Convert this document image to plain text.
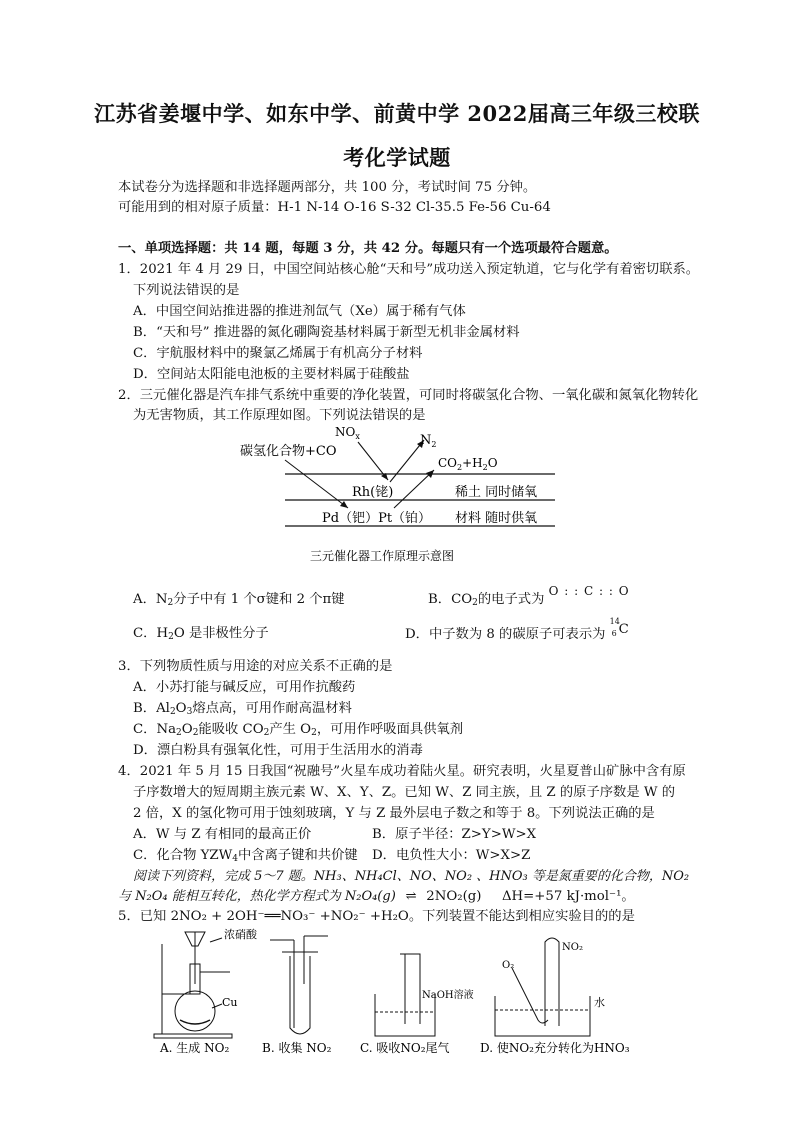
江苏省姜堰中学、如东中学、前黄中学 2022届高三年级三校联
考化学试题
本试卷分为选择题和非选择题两部分，共 100 分，考试时间 75 分钟。
可能用到的相对原子质量：H-1 N-14 O-16 S-32 Cl-35.5 Fe-56 Cu-64
一、单项选择题：共 14 题，每题 3 分，共 42 分。每题只有一个选项最符合题意。
1．2021 年 4 月 29 日，中国空间站核心舱“天和号”成功送入预定轨道，它与化学有着密切联系。
下列说法错误的是
A．中国空间站推进器的推进剂氙气（Xe）属于稀有气体
B．“天和号” 推进器的氮化硼陶瓷基材料属于新型无机非金属材料
C．宇航服材料中的聚氯乙烯属于有机高分子材料
D．空间站太阳能电池板的主要材料属于硅酸盐
2．三元催化器是汽车排气系统中重要的净化装置，可同时将碳氢化合物、一氧化碳和氮氧化物转化
为无害物质，其工作原理如图。下列说法错误的是
碳氢化合物+CO
$NO_x$	$N_2$
$CO_2+H_2O$
Rh(铑)
Pd（钯）Pt（铂）
稀土 同时储氧
材料 随时供氧
三元催化器工作原理示意图
A．$N_2$分子中有 1 个σ键和 2 个π键	B．$CO_2$的电子式为 O : : C : : O
C．$H_2O$ 是非极性分子	D．中子数为 8 的碳原子可表示为
14
6 C
3．下列物质性质与用途的对应关系不正确的是
A．小苏打能与碱反应，可用作抗酸药
B．$Al_2O_3$熔点高，可用作耐高温材料
C．$Na_2O_2$能吸收 $CO_2$产生 $O_2$，可用作呼吸面具供氧剂
D．漂白粉具有强氧化性，可用于生活用水的消毒
4．2021 年 5 月 15 日我国“祝融号”火星车成功着陆火星。研究表明，火星夏普山矿脉中含有原
子序数增大的短周期主族元素 W、X、Y、Z。已知 W、Z 同主族，且 Z 的原子序数是 W 的
2 倍，X 的氢化物可用于蚀刻玻璃，Y 与 Z 最外层电子数之和等于 8。下列说法正确的是
A．W 与 Z 有相同的最高正价	B．原子半径：Z>Y>W>X
C．化合物 $YZW_4$中含离子键和共价键 D．电负性大小：W>X>Z
阅读下列资料，完成 5～7 题。NH₃、NH₄Cl、NO、NO₂ 、HNO₃ 等是氮重要的化合物，NO₂
与 N₂O₄ 能相互转化，热化学方程式为 N₂O₄(g) ⇌ 2NO₂(g) ΔH=+57 kJ·mol⁻¹。
5．已知 2NO₂ + 2OH⁻══NO₃⁻ +NO₂⁻ +H₂O。下列装置不能达到相应实验目的的是
浓硝酸
Cu
NaOH溶液
O₂
NO₂
水
A. 生成 NO₂	B. 收集 NO₂ C. 吸收NO₂尾气	D. 使NO₂充分转化为HNO₃
